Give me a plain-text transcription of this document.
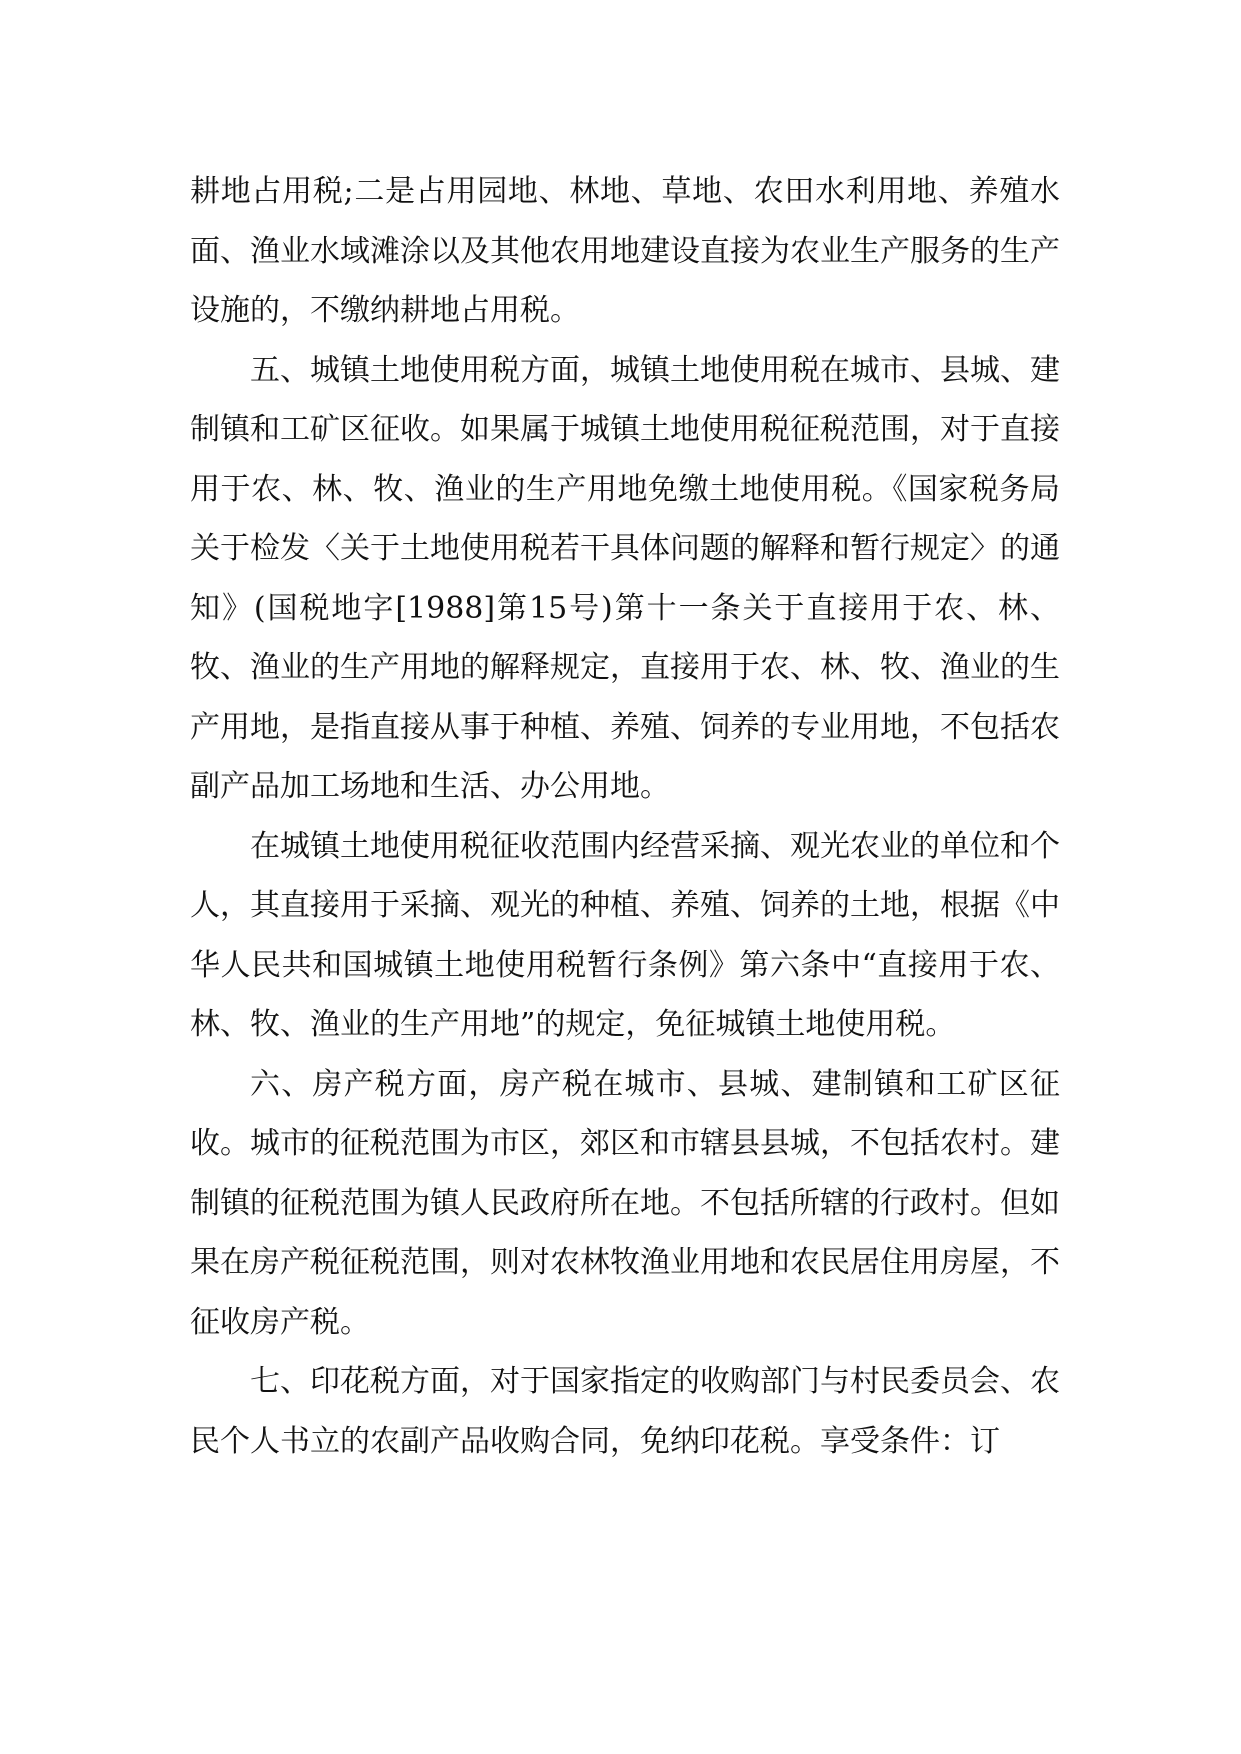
耕地占用税;二是占用园地、林地、草地、农田水利用地、养殖水面、渔业水域滩涂以及其他农用地建设直接为农业生产服务的生产设施的，不缴纳耕地占用税。

五、城镇土地使用税方面，城镇土地使用税在城市、县城、建制镇和工矿区征收。如果属于城镇土地使用税征税范围，对于直接用于农、林、牧、渔业的生产用地免缴土地使用税。《国家税务局关于检发〈关于土地使用税若干具体问题的解释和暂行规定〉的通知》(国税地字[1988]第15号)第十一条关于直接用于农、林、牧、渔业的生产用地的解释规定，直接用于农、林、牧、渔业的生产用地，是指直接从事于种植、养殖、饲养的专业用地，不包括农副产品加工场地和生活、办公用地。

在城镇土地使用税征收范围内经营采摘、观光农业的单位和个人，其直接用于采摘、观光的种植、养殖、饲养的土地，根据《中华人民共和国城镇土地使用税暂行条例》第六条中“直接用于农、林、牧、渔业的生产用地”的规定，免征城镇土地使用税。

六、房产税方面，房产税在城市、县城、建制镇和工矿区征收。城市的征税范围为市区，郊区和市辖县县城，不包括农村。建制镇的征税范围为镇人民政府所在地。不包括所辖的行政村。但如果在房产税征税范围，则对农林牧渔业用地和农民居住用房屋，不征收房产税。

七、印花税方面，对于国家指定的收购部门与村民委员会、农民个人书立的农副产品收购合同，免纳印花税。享受条件：订
